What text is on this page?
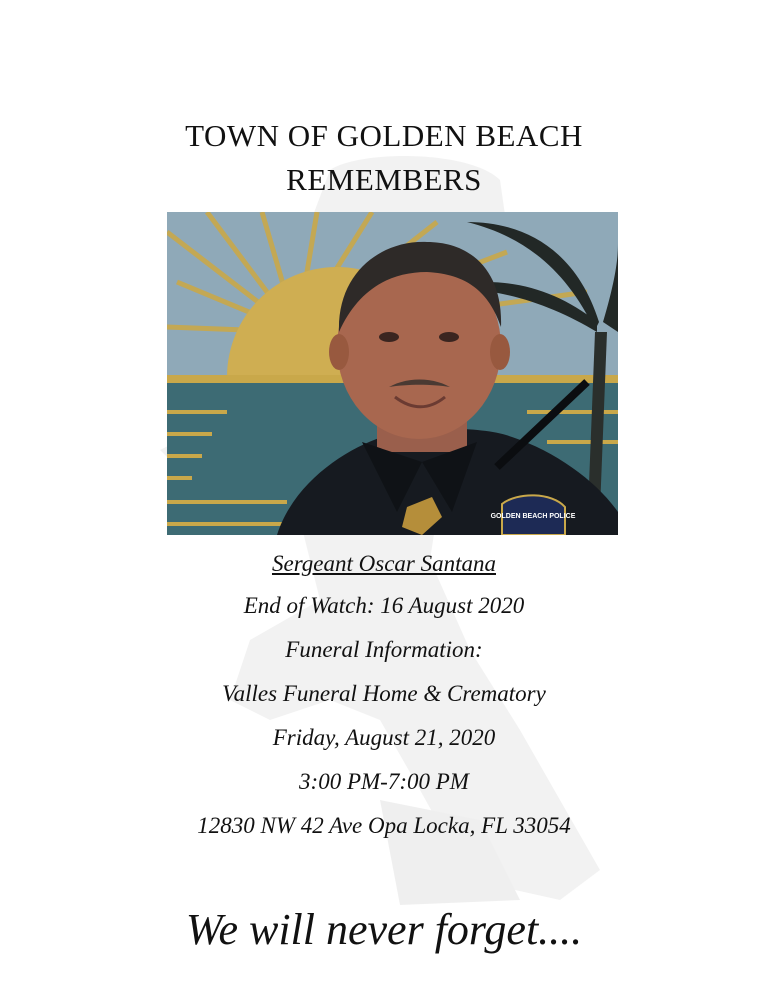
TOWN OF GOLDEN BEACH
REMEMBERS
GOLDEN BEACH POLICE
Sergeant Oscar Santana
End of Watch: 16 August 2020
Funeral Information:
Valles Funeral Home & Crematory
Friday, August 21, 2020
3:00 PM-7:00 PM
12830 NW 42 Ave Opa Locka, FL 33054
We will never forget....
